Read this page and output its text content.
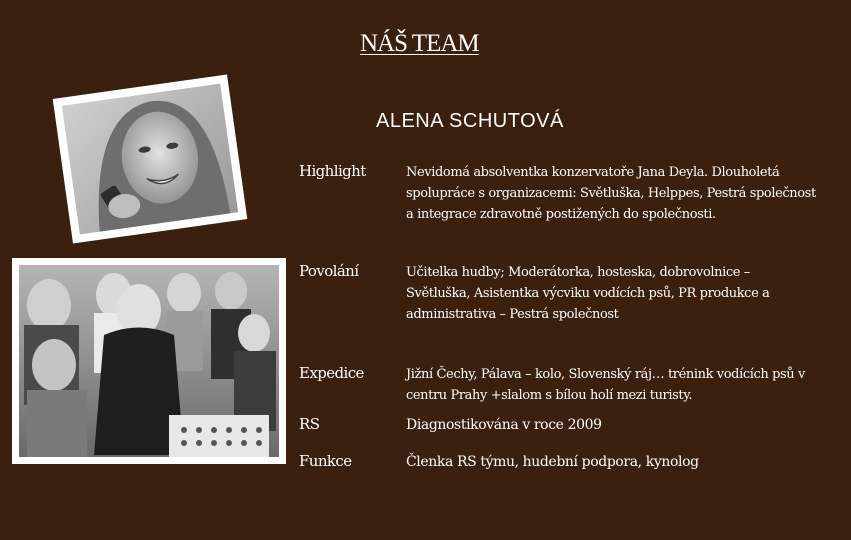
NÁŠ TEAM
ALENA SCHUTOVÁ
Highlight	Nevidomá absolventka konzervatoře Jana Deyla. Dlouholetá spolupráce s organizacemi: Světluška, Helppes, Pestrá společnost a integrace zdravotně postižených do společnosti.
Povolání	Učitelka hudby; Moderátorka, hosteska, dobrovolnice – Světluška, Asistentka výcviku vodících psů, PR produkce a administrativa – Pestrá společnost
Expedice	Jižní Čechy, Pálava – kolo, Slovenský ráj… trénink vodících psů v centru Prahy +slalom s bílou holí mezi turisty.
RS	Diagnostikována v roce 2009
Funkce	Členka RS týmu, hudební podpora, kynolog
